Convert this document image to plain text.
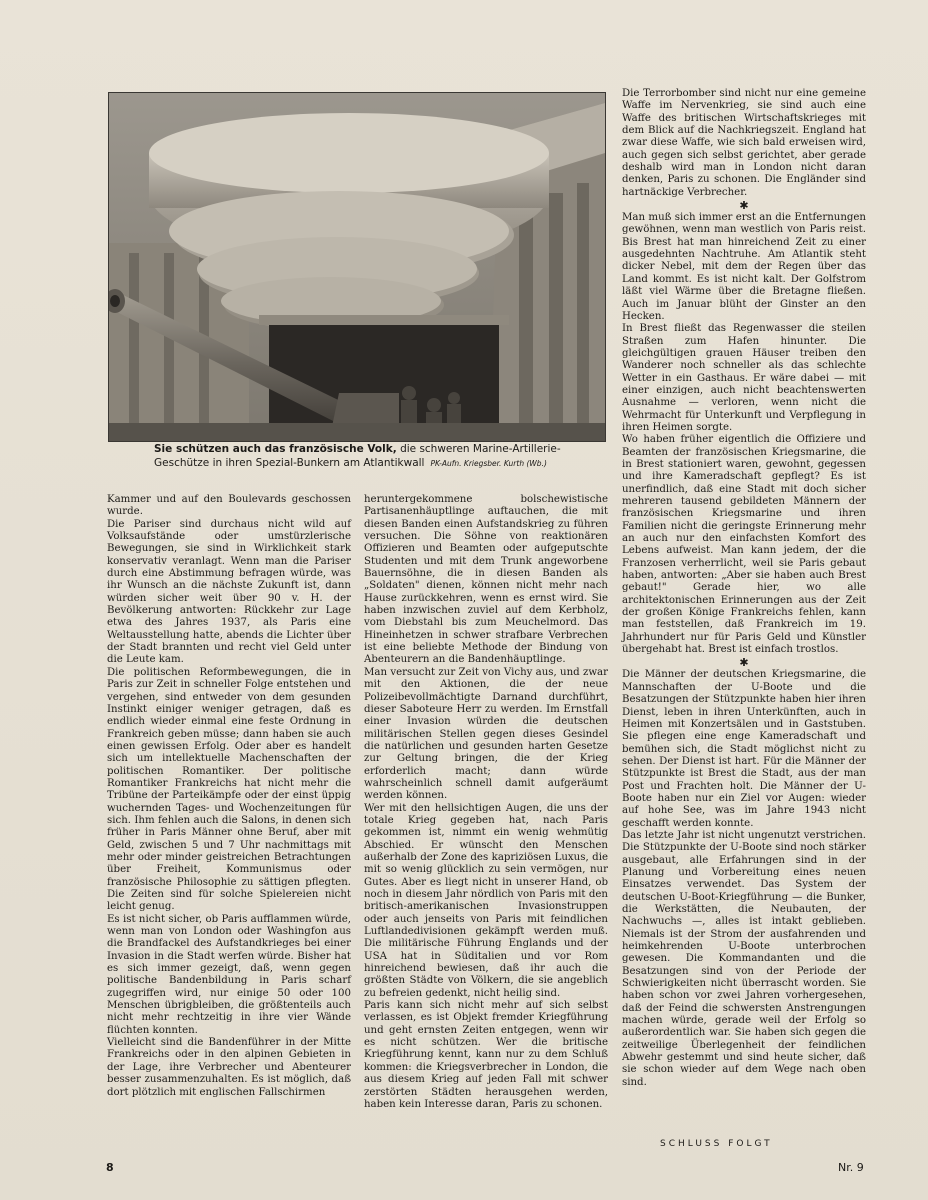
Sie schützen auch das französische Volk, die schweren Marine-Artillerie-
Geschütze in ihren Spezial-Bunkern am Atlantikwall PK-Aufn. Kriegsber. Kurth (Wb.)

Kammer und auf den Boulevards geschossen wurde.

Die Pariser sind durchaus nicht wild auf Volksaufstände oder umstürzlerische Bewegungen, sie sind in Wirklichkeit stark konservativ veranlagt. Wenn man die Pariser durch eine Abstimmung befragen würde, was ihr Wunsch an die nächste Zukunft ist, dann würden sicher weit über 90 v. H. der Bevölkerung antworten: Rückkehr zur Lage etwa des Jahres 1937, als Paris eine Weltausstellung hatte, abends die Lichter über der Stadt brannten und recht viel Geld unter die Leute kam.

Die politischen Reformbewegungen, die in Paris zur Zeit in schneller Folge entstehen und vergehen, sind entweder von dem gesunden Instinkt einiger weniger getragen, daß es endlich wieder einmal eine feste Ordnung in Frankreich geben müsse; dann haben sie auch einen gewissen Erfolg. Oder aber es handelt sich um intellektuelle Machenschaften der politischen Romantiker. Der politische Romantiker Frankreichs hat nicht mehr die Tribüne der Parteikämpfe oder der einst üppig wuchernden Tages- und Wochenzeitungen für sich. Ihm fehlen auch die Salons, in denen sich früher in Paris Männer ohne Beruf, aber mit Geld, zwischen 5 und 7 Uhr nachmittags mit mehr oder minder geistreichen Betrachtungen über Freiheit, Kommunismus oder französische Philosophie zu sättigen pflegten. Die Zeiten sind für solche Spielereien nicht leicht genug.

Es ist nicht sicher, ob Paris aufflammen würde, wenn man von London oder Washingfon aus die Brandfackel des Aufstandkrieges bei einer Invasion in die Stadt werfen würde. Bisher hat es sich immer gezeigt, daß, wenn gegen politische Bandenbildung in Paris scharf zugegriffen wird, nur einige 50 oder 100 Menschen übrigbleiben, die größtenteils auch nicht mehr rechtzeitig in ihre vier Wände flüchten konnten.

Vielleicht sind die Bandenführer in der Mitte Frankreichs oder in den alpinen Gebieten in der Lage, ihre Verbrecher und Abenteurer besser zusammenzuhalten. Es ist möglich, daß dort plötzlich mit englischen Fallschirmen

heruntergekommene bolschewistische Partisanenhäuptlinge auftauchen, die mit diesen Banden einen Aufstandskrieg zu führen versuchen. Die Söhne von reaktionären Offizieren und Beamten oder aufgeputschte Studenten und mit dem Trunk angeworbene Bauernsöhne, die in diesen Banden als „Soldaten" dienen, können nicht mehr nach Hause zurückkehren, wenn es ernst wird. Sie haben inzwischen zuviel auf dem Kerbholz, vom Diebstahl bis zum Meuchelmord. Das Hineinhetzen in schwer strafbare Verbrechen ist eine beliebte Methode der Bindung von Abenteurern an die Bandenhäuptlinge.

Man versucht zur Zeit von Vichy aus, und zwar mit den Aktionen, die der neue Polizeibevollmächtigte Darnand durchführt, dieser Saboteure Herr zu werden. Im Ernstfall einer Invasion würden die deutschen militärischen Stellen gegen dieses Gesindel die natürlichen und gesunden harten Gesetze zur Geltung bringen, die der Krieg erforderlich macht; dann würde wahrscheinlich schnell damit aufgeräumt werden können.

Wer mit den hellsichtigen Augen, die uns der totale Krieg gegeben hat, nach Paris gekommen ist, nimmt ein wenig wehmütig Abschied. Er wünscht den Menschen außerhalb der Zone des kapriziösen Luxus, die mit so wenig glücklich zu sein vermögen, nur Gutes. Aber es liegt nicht in unserer Hand, ob noch in diesem Jahr nördlich von Paris mit den britisch-amerikanischen Invasionstruppen oder auch jenseits von Paris mit feindlichen Luftlandedivisionen gekämpft werden muß. Die militärische Führung Englands und der USA hat in Süditalien und vor Rom hinreichend bewiesen, daß ihr auch die größten Städte von Völkern, die sie angeblich zu befreien gedenkt, nicht heilig sind.

Paris kann sich nicht mehr auf sich selbst verlassen, es ist Objekt fremder Kriegführung und geht ernsten Zeiten entgegen, wenn wir es nicht schützen. Wer die britische Kriegführung kennt, kann nur zu dem Schluß kommen: die Kriegsverbrecher in London, die aus diesem Krieg auf jeden Fall mit schwer zerstörten Städten herausgehen werden, haben kein Interesse daran, Paris zu schonen.

Die Terrorbomber sind nicht nur eine gemeine Waffe im Nervenkrieg, sie sind auch eine Waffe des britischen Wirtschaftskrieges mit dem Blick auf die Nachkriegszeit. England hat zwar diese Waffe, wie sich bald erweisen wird, auch gegen sich selbst gerichtet, aber gerade deshalb wird man in London nicht daran denken, Paris zu schonen. Die Engländer sind hartnäckige Verbrecher.

✱

Man muß sich immer erst an die Entfernungen gewöhnen, wenn man westlich von Paris reist. Bis Brest hat man hinreichend Zeit zu einer ausgedehnten Nachtruhe. Am Atlantik steht dicker Nebel, mit dem der Regen über das Land kommt. Es ist nicht kalt. Der Golfstrom läßt viel Wärme über die Bretagne fließen. Auch im Januar blüht der Ginster an den Hecken.

In Brest fließt das Regenwasser die steilen Straßen zum Hafen hinunter. Die gleichgültigen grauen Häuser treiben den Wanderer noch schneller als das schlechte Wetter in ein Gasthaus. Er wäre dabei — mit einer einzigen, auch nicht beachtenswerten Ausnahme — verloren, wenn nicht die Wehrmacht für Unterkunft und Verpflegung in ihren Heimen sorgte.

Wo haben früher eigentlich die Offiziere und Beamten der französischen Kriegsmarine, die in Brest stationiert waren, gewohnt, gegessen und ihre Kameradschaft gepflegt? Es ist unerfindlich, daß eine Stadt mit doch sicher mehreren tausend gebildeten Männern der französischen Kriegsmarine und ihren Familien nicht die geringste Erinnerung mehr an auch nur den einfachsten Komfort des Lebens aufweist. Man kann jedem, der die Franzosen verherrlicht, weil sie Paris gebaut haben, antworten: „Aber sie haben auch Brest gebaut!" Gerade hier, wo alle architektonischen Erinnerungen aus der Zeit der großen Könige Frankreichs fehlen, kann man feststellen, daß Frankreich im 19. Jahrhundert nur für Paris Geld und Künstler übergehabt hat. Brest ist einfach trostlos.

✱

Die Männer der deutschen Kriegsmarine, die Mannschaften der U-Boote und die Besatzungen der Stützpunkte haben hier ihren Dienst, leben in ihren Unterkünften, auch in Heimen mit Konzertsälen und in Gaststuben. Sie pflegen eine enge Kameradschaft und bemühen sich, die Stadt möglichst nicht zu sehen. Der Dienst ist hart. Für die Männer der Stützpunkte ist Brest die Stadt, aus der man Post und Frachten holt. Die Männer der U-Boote haben nur ein Ziel vor Augen: wieder auf hohe See, was im Jahre 1943 nicht geschafft werden konnte.

Das letzte Jahr ist nicht ungenutzt verstrichen. Die Stützpunkte der U-Boote sind noch stärker ausgebaut, alle Erfahrungen sind in der Planung und Vorbereitung eines neuen Einsatzes verwendet. Das System der deutschen U-Boot-Kriegführung — die Bunker, die Werkstätten, die Neubauten, der Nachwuchs —, alles ist intakt geblieben. Niemals ist der Strom der ausfahrenden und heimkehrenden U-Boote unterbrochen gewesen. Die Kommandanten und die Besatzungen sind von der Periode der Schwierigkeiten nicht überrascht worden. Sie haben schon vor zwei Jahren vorhergesehen, daß der Feind die schwersten Anstrengungen machen würde, gerade weil der Erfolg so außerordentlich war. Sie haben sich gegen die zeitweilige Überlegenheit der feindlichen Abwehr gestemmt und sind heute sicher, daß sie schon wieder auf dem Wege nach oben sind.

SCHLUSS FOLGT
8	Nr. 9
